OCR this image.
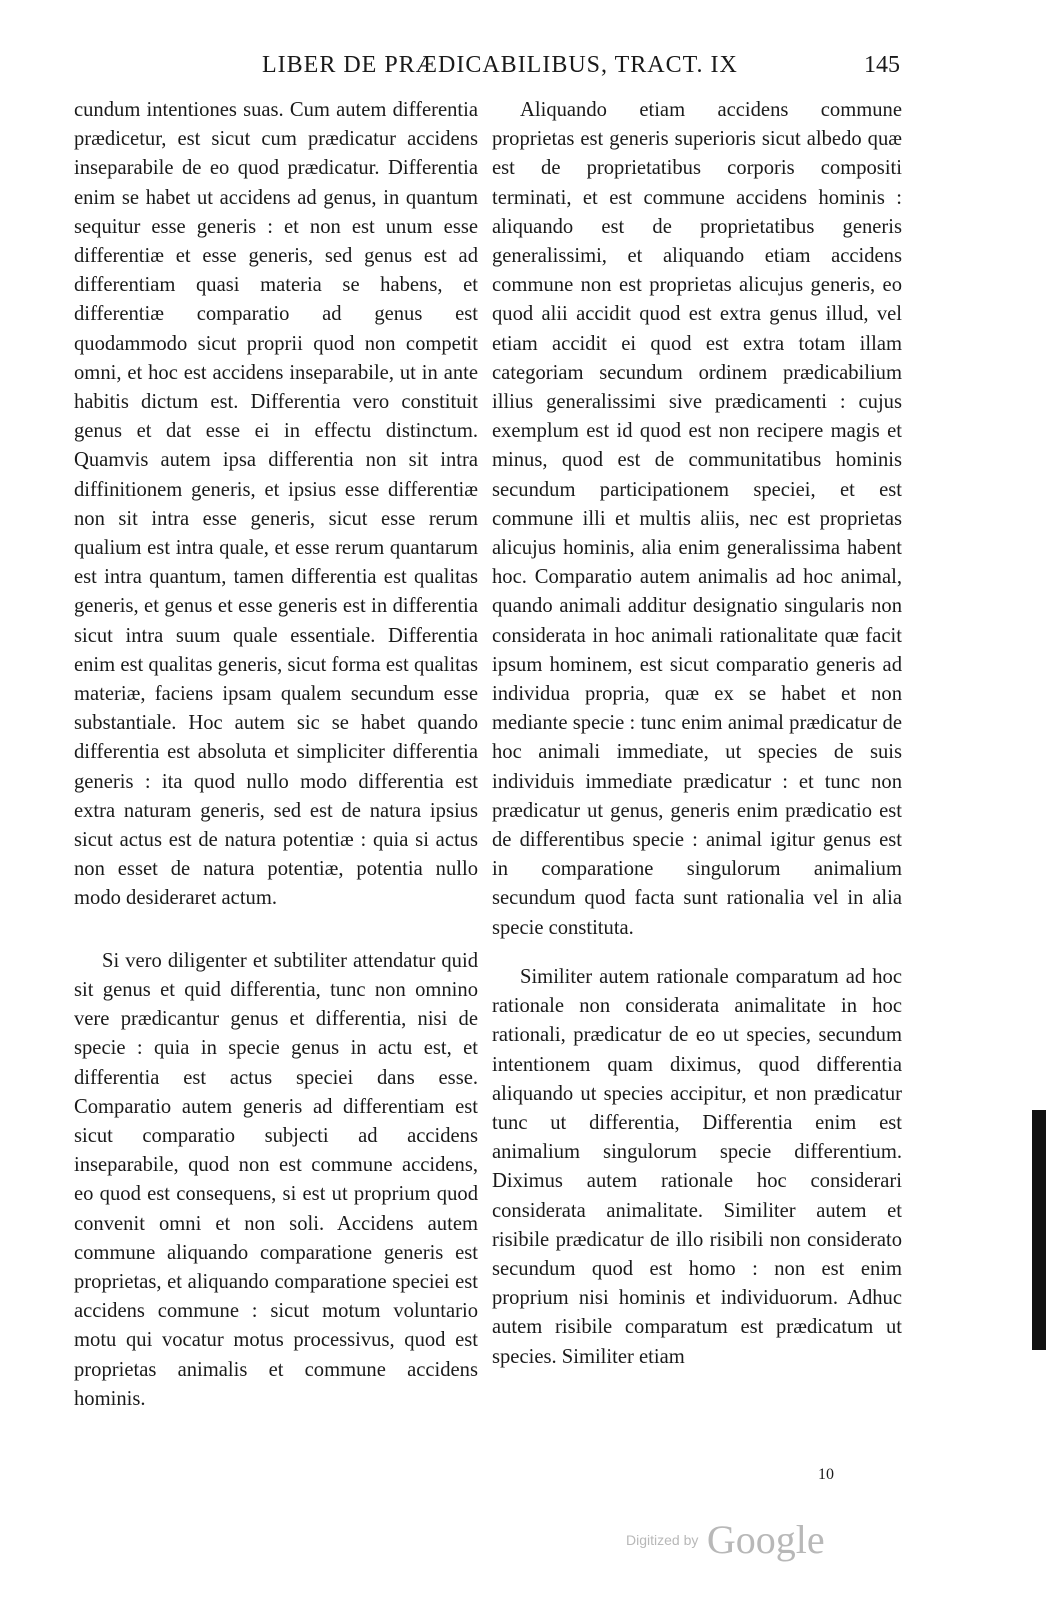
LIBER DE PRÆDICABILIBUS, TRACT. IX	145

cundum intentiones suas. Cum autem differentia prædicetur, est sicut cum prædicatur accidens inseparabile de eo quod prædicatur. Differentia enim se habet ut accidens ad genus, in quantum sequitur esse generis : et non est unum esse differentiæ et esse generis, sed genus est ad differentiam quasi materia se habens, et differentiæ comparatio ad genus est quodammodo sicut proprii quod non competit omni, et hoc est accidens inseparabile, ut in ante habitis dictum est. Differentia vero constituit genus et dat esse ei in effectu distinctum. Quamvis autem ipsa differentia non sit intra diffinitionem generis, et ipsius esse differentiæ non sit intra esse generis, sicut esse rerum qualium est intra quale, et esse rerum quantarum est intra quantum, tamen differentia est qualitas generis, et genus et esse generis est in differentia sicut intra suum quale essentiale. Differentia enim est qualitas generis, sicut forma est qualitas materiæ, faciens ipsam qualem secundum esse substantiale. Hoc autem sic se habet quando differentia est absoluta et simpliciter differentia generis : ita quod nullo modo differentia est extra naturam generis, sed est de natura ipsius sicut actus est de natura potentiæ : quia si actus non esset de natura potentiæ, potentia nullo modo desideraret actum.

Si vero diligenter et subtiliter attendatur quid sit genus et quid differentia, tunc non omnino vere prædicantur genus et differentia, nisi de specie : quia in specie genus in actu est, et differentia est actus speciei dans esse. Comparatio autem generis ad differentiam est sicut comparatio subjecti ad accidens inseparabile, quod non est commune accidens, eo quod est consequens, si est ut proprium quod convenit omni et non soli. Accidens autem commune aliquando comparatione generis est proprietas, et aliquando comparatione speciei est accidens commune : sicut motum voluntario motu qui vocatur motus processivus, quod est proprietas animalis et commune accidens hominis.

Aliquando etiam accidens commune proprietas est generis superioris sicut albedo quæ est de proprietatibus corporis compositi terminati, et est commune accidens hominis : aliquando est de proprietatibus generis generalissimi, et aliquando etiam accidens commune non est proprietas alicujus generis, eo quod alii accidit quod est extra genus illud, vel etiam accidit ei quod est extra totam illam categoriam secundum ordinem prædicabilium illius generalissimi sive prædicamenti : cujus exemplum est id quod est non recipere magis et minus, quod est de communitatibus hominis secundum participationem speciei, et est commune illi et multis aliis, nec est proprietas alicujus hominis, alia enim generalissima habent hoc. Comparatio autem animalis ad hoc animal, quando animali additur designatio singularis non considerata in hoc animali rationalitate quæ facit ipsum hominem, est sicut comparatio generis ad individua propria, quæ ex se habet et non mediante specie : tunc enim animal prædicatur de hoc animali immediate, ut species de suis individuis immediate prædicatur : et tunc non prædicatur ut genus, generis enim prædicatio est de differentibus specie : animal igitur genus est in comparatione singulorum animalium secundum quod facta sunt rationalia vel in alia specie constituta.

Similiter autem rationale comparatum ad hoc rationale non considerata animalitate in hoc rationali, prædicatur de eo ut species, secundum intentionem quam diximus, quod differentia aliquando ut species accipitur, et non prædicatur tunc ut differentia, Differentia enim est animalium singulorum specie differentium. Diximus autem rationale hoc considerari considerata animalitate. Similiter autem et risibile prædicatur de illo risibili non considerato secundum quod est homo : non est enim proprium nisi hominis et individuorum. Adhuc autem risibile comparatum est prædicatum ut species. Similiter etiam

10
Digitized by Google
